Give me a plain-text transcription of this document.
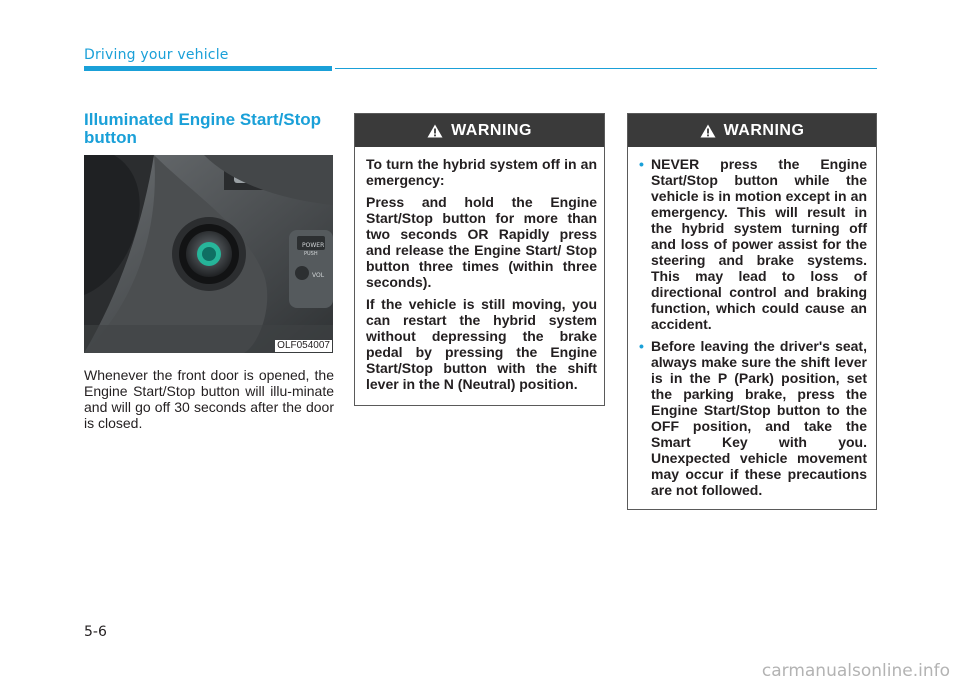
Driving your vehicle
Illuminated Engine Start/Stop button
POWER
PUSH
VOL
OLF054007
Whenever the front door is opened, the Engine Start/Stop button will illu-minate and will go off 30 seconds after the door is closed.
WARNING

To turn the hybrid system off in an emergency:

Press and hold the Engine Start/Stop button for more than two seconds OR Rapidly press and release the Engine Start/ Stop button three times (within three seconds).

If the vehicle is still moving, you can restart the hybrid system without depressing the brake pedal by pressing the Engine Start/Stop button with the shift lever in the N (Neutral) position.

WARNING
• NEVER press the Engine Start/Stop button while the vehicle is in motion except in an emergency. This will result in the hybrid system turning off and loss of power assist for the steering and brake systems. This may lead to loss of directional control and braking function, which could cause an accident.
• Before leaving the driver's seat, always make sure the shift lever is in the P (Park) position, set the parking brake, press the Engine Start/Stop button to the OFF position, and take the Smart Key with you. Unexpected vehicle movement may occur if these precautions are not followed.
5-6
carmanualsonline.info
